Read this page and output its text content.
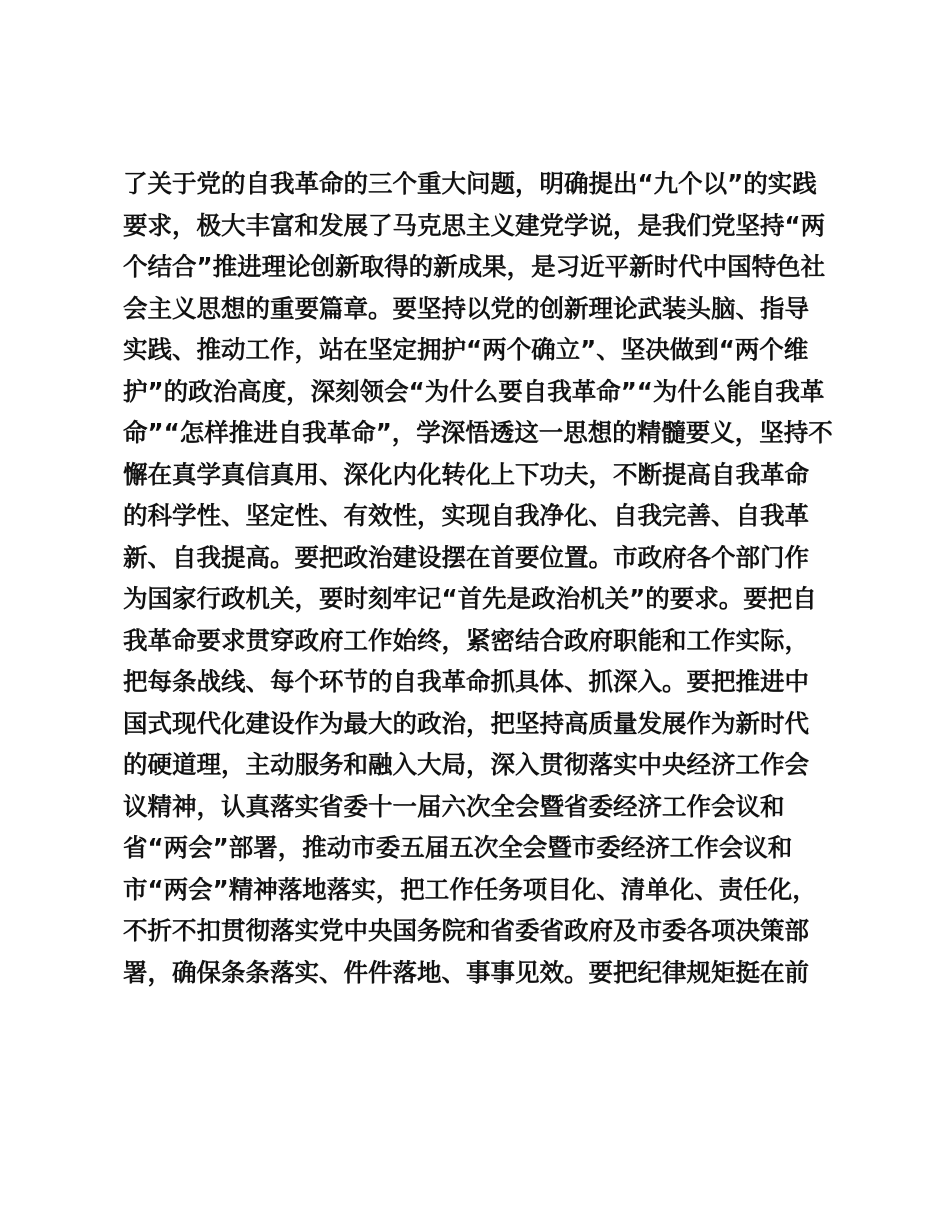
了关于党的自我革命的三个重大问题，明确提出“九个以”的实践
要求，极大丰富和发展了马克思主义建党学说，是我们党坚持“两
个结合”推进理论创新取得的新成果，是习近平新时代中国特色社
会主义思想的重要篇章。要坚持以党的创新理论武装头脑、指导
实践、推动工作，站在坚定拥护“两个确立”、坚决做到“两个维
护”的政治高度，深刻领会“为什么要自我革命”“为什么能自我革
命”“怎样推进自我革命”，学深悟透这一思想的精髓要义，坚持不
懈在真学真信真用、深化内化转化上下功夫，不断提高自我革命
的科学性、坚定性、有效性，实现自我净化、自我完善、自我革
新、自我提高。要把政治建设摆在首要位置。市政府各个部门作
为国家行政机关，要时刻牢记“首先是政治机关”的要求。要把自
我革命要求贯穿政府工作始终，紧密结合政府职能和工作实际，
把每条战线、每个环节的自我革命抓具体、抓深入。要把推进中
国式现代化建设作为最大的政治，把坚持高质量发展作为新时代
的硬道理，主动服务和融入大局，深入贯彻落实中央经济工作会
议精神，认真落实省委十一届六次全会暨省委经济工作会议和
省“两会”部署，推动市委五届五次全会暨市委经济工作会议和
市“两会”精神落地落实，把工作任务项目化、清单化、责任化，
不折不扣贯彻落实党中央国务院和省委省政府及市委各项决策部
署，确保条条落实、件件落地、事事见效。要把纪律规矩挺在前
